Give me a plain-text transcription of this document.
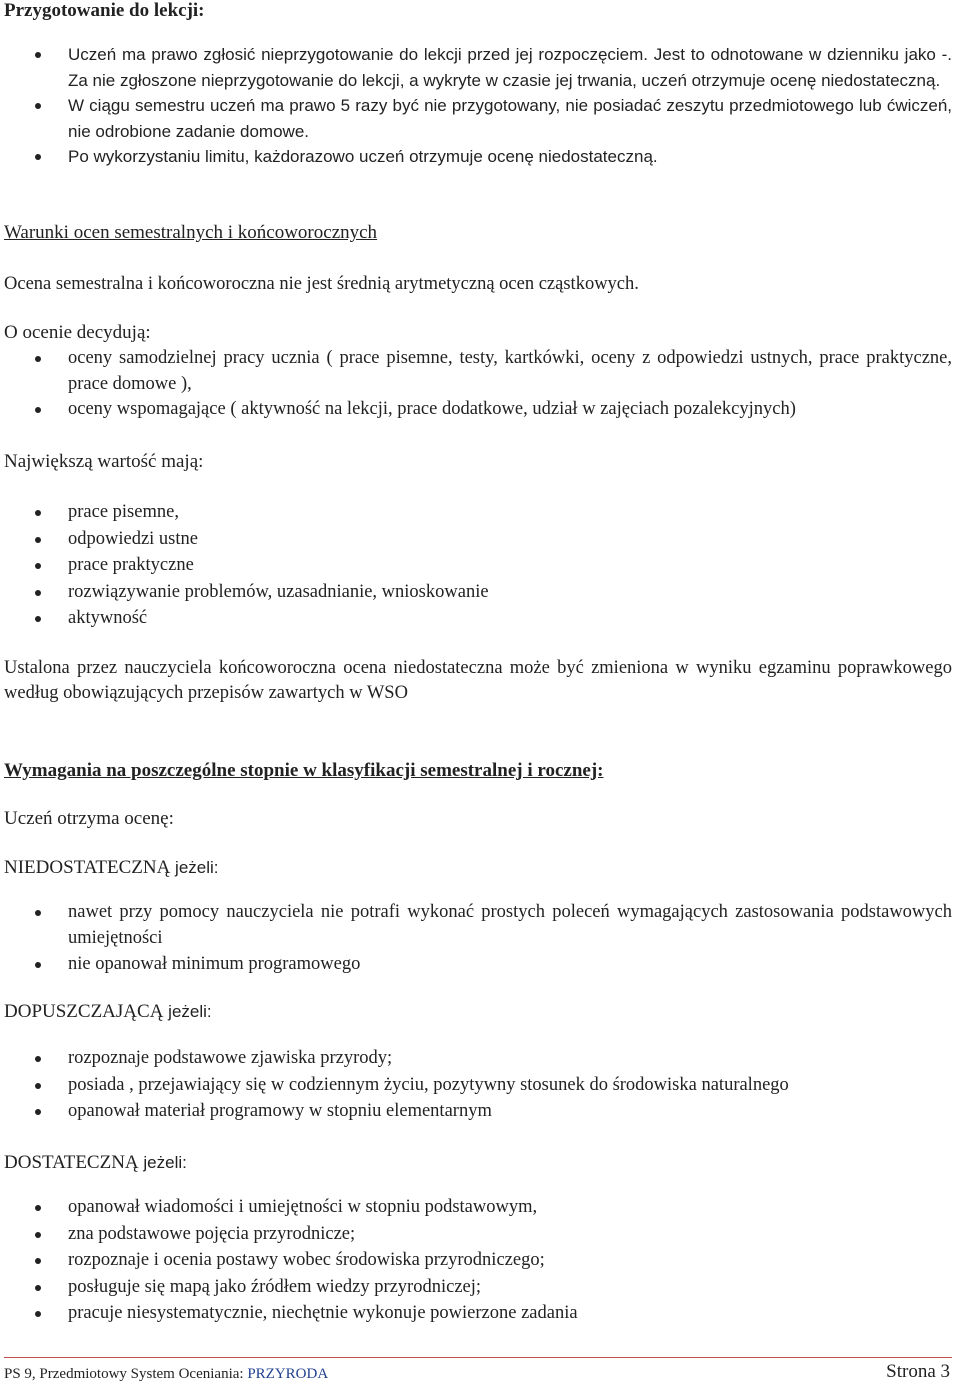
Przygotowanie do lekcji:
Uczeń ma prawo zgłosić nieprzygotowanie do lekcji przed jej rozpoczęciem. Jest to odnotowane w dzienniku jako -. Za nie zgłoszone nieprzygotowanie do lekcji, a wykryte w czasie jej trwania, uczeń otrzymuje ocenę niedostateczną.
W ciągu semestru uczeń ma prawo 5 razy być nie przygotowany, nie posiadać zeszytu przedmiotowego lub ćwiczeń, nie odrobione zadanie domowe.
Po wykorzystaniu limitu, każdorazowo uczeń otrzymuje ocenę niedostateczną.
Warunki ocen semestralnych i końcoworocznych
Ocena semestralna i końcoworoczna nie jest średnią arytmetyczną ocen cząstkowych.
O ocenie decydują:
oceny samodzielnej pracy ucznia ( prace pisemne, testy, kartkówki, oceny z odpowiedzi ustnych, prace praktyczne, prace domowe ),
oceny wspomagające ( aktywność na lekcji, prace dodatkowe, udział w zajęciach pozalekcyjnych)
Największą wartość mają:
prace pisemne,
odpowiedzi ustne
prace praktyczne
rozwiązywanie problemów, uzasadnianie, wnioskowanie
aktywność
Ustalona przez nauczyciela końcoworoczna ocena niedostateczna może być zmieniona w wyniku egzaminu poprawkowego według obowiązujących przepisów zawartych w WSO
Wymagania na poszczególne stopnie w klasyfikacji semestralnej i rocznej:
Uczeń otrzyma ocenę:
NIEDOSTATECZNĄ jeżeli:
nawet przy pomocy nauczyciela nie potrafi wykonać prostych poleceń wymagających zastosowania podstawowych umiejętności
nie opanował minimum programowego
DOPUSZCZAJĄCĄ jeżeli:
rozpoznaje podstawowe zjawiska przyrody;
posiada , przejawiający się w codziennym życiu, pozytywny stosunek do środowiska naturalnego
opanował materiał programowy w stopniu elementarnym
DOSTATECZNĄ jeżeli:
opanował wiadomości i umiejętności w stopniu podstawowym,
zna podstawowe pojęcia przyrodnicze;
rozpoznaje i ocenia postawy wobec środowiska przyrodniczego;
posługuje się mapą jako źródłem wiedzy przyrodniczej;
pracuje niesystematycznie, niechętnie wykonuje powierzone zadania
PS 9, Przedmiotowy System Oceniania: PRZYRODA	Strona 3
